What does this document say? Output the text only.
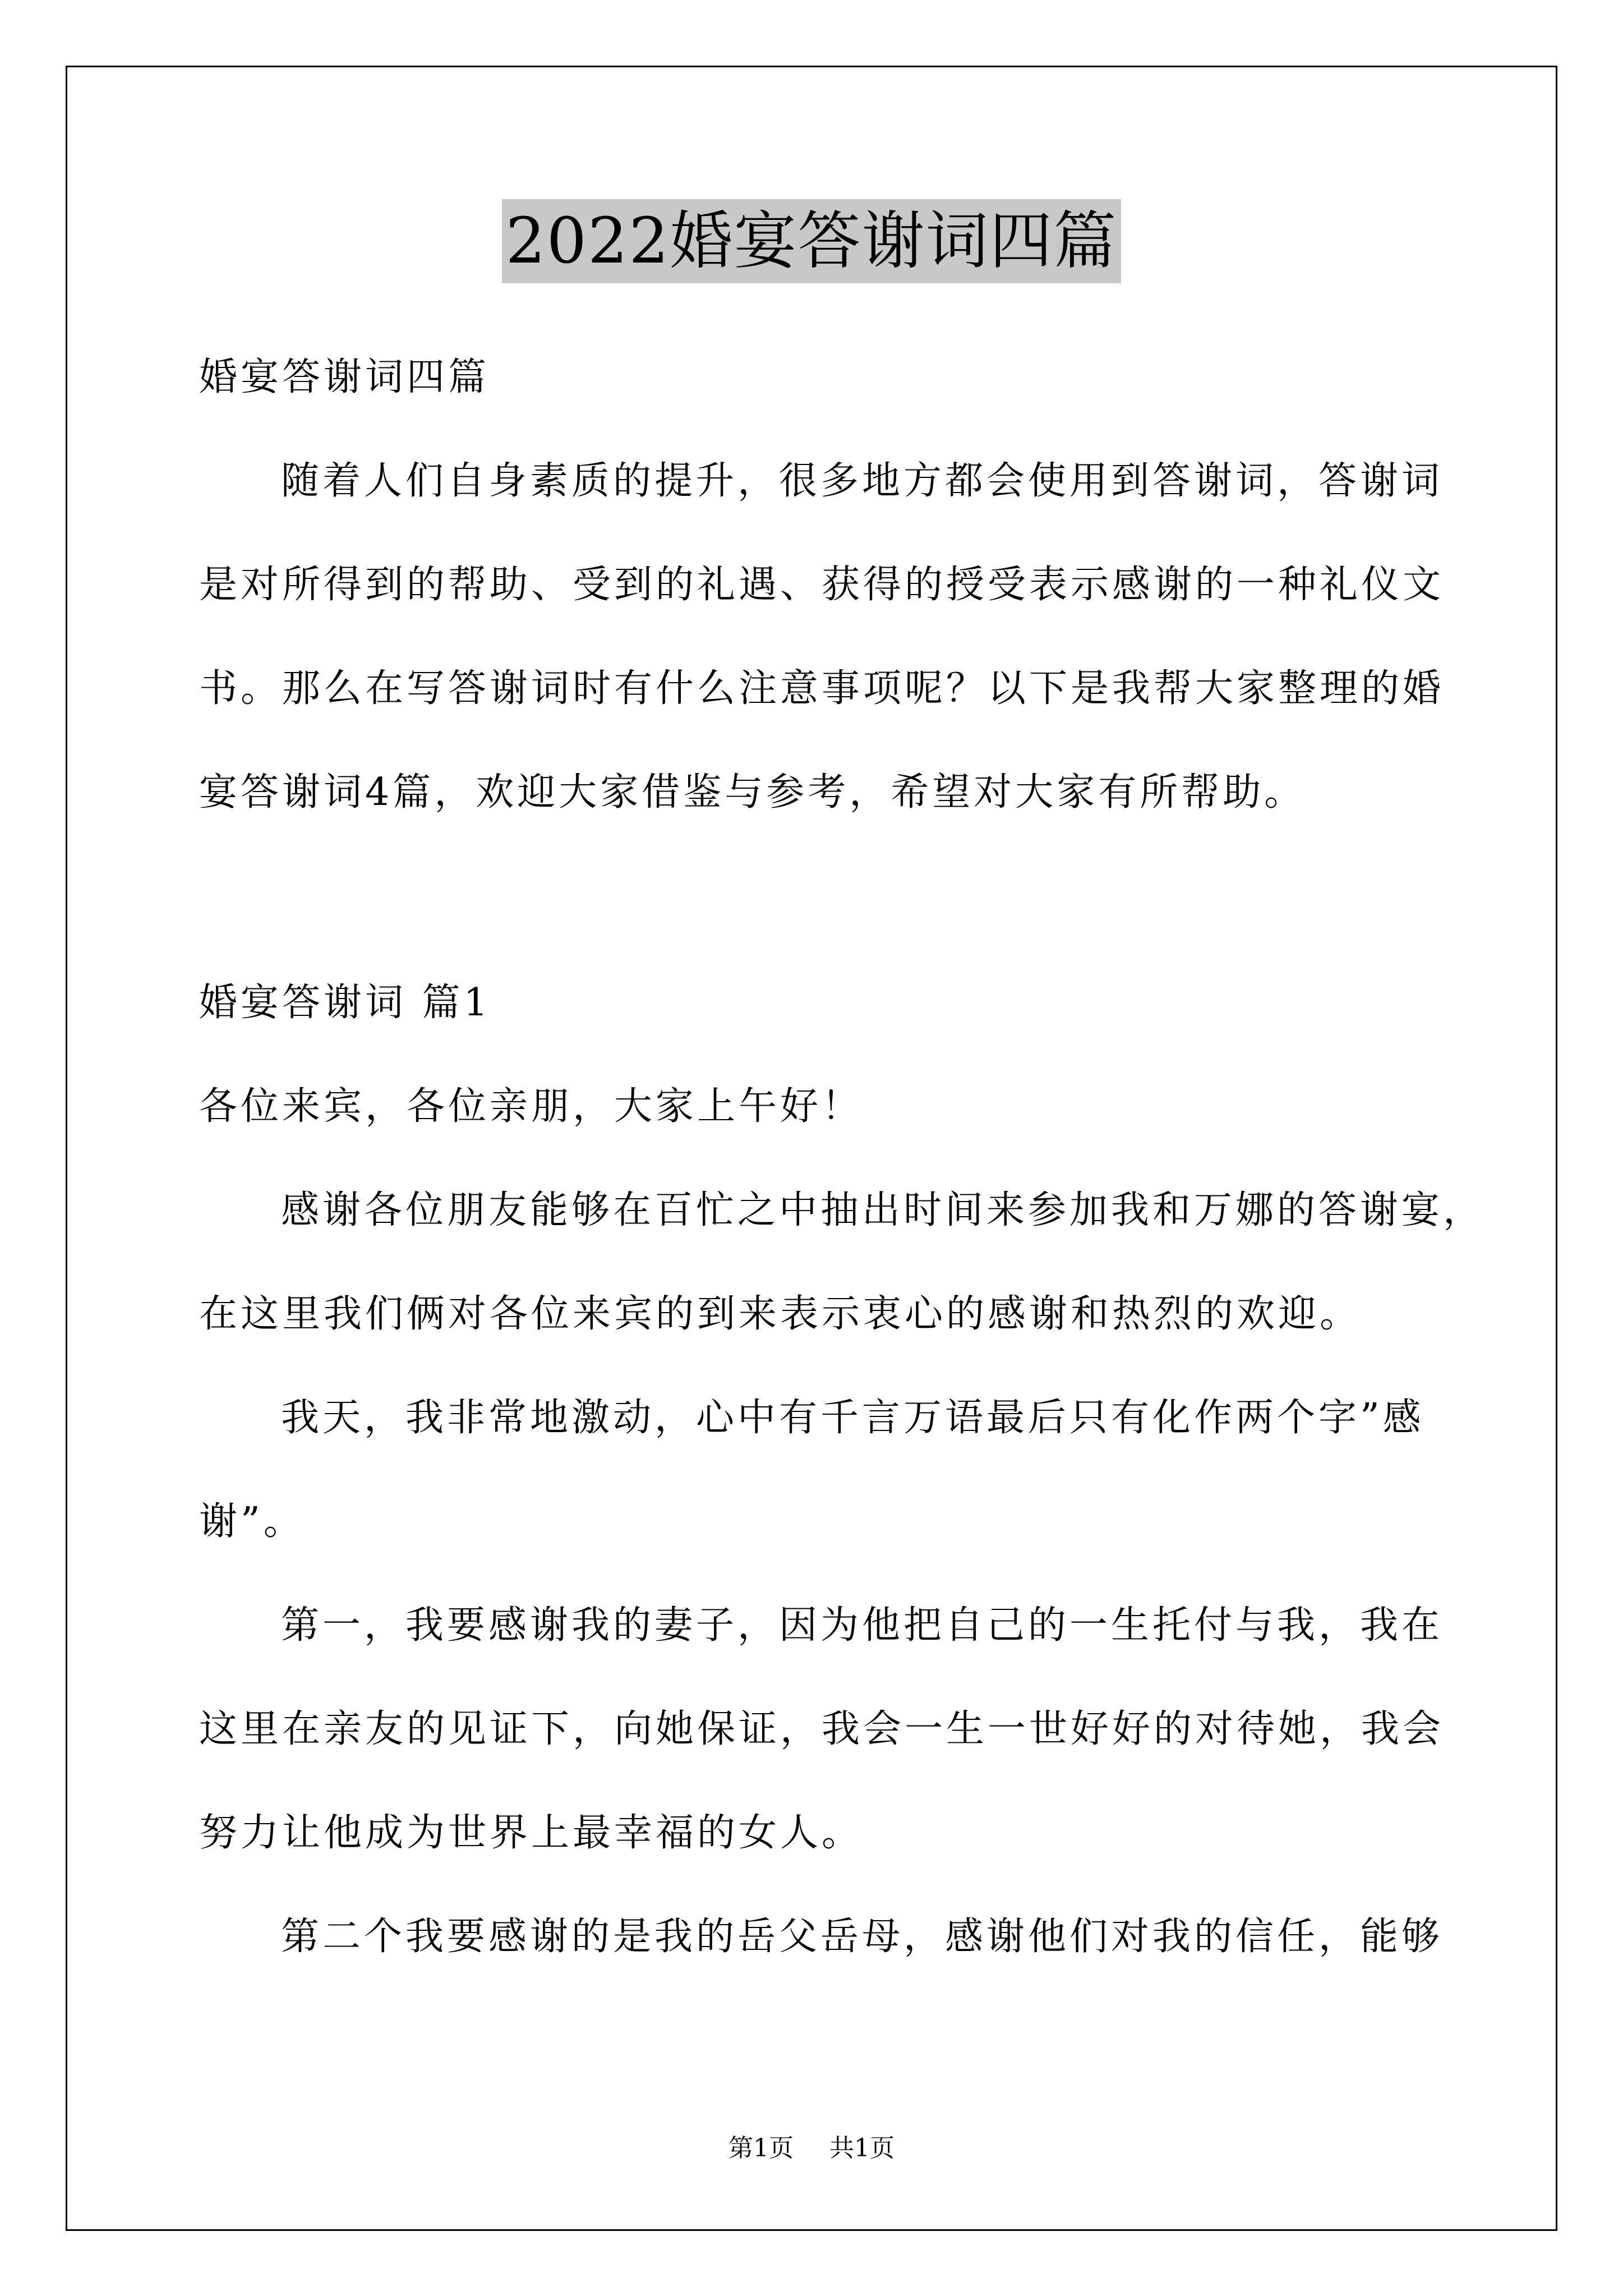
2022婚宴答谢词四篇
婚宴答谢词四篇
随着人们自身素质的提升，很多地方都会使用到答谢词，答谢词
是对所得到的帮助、受到的礼遇、获得的授受表示感谢的一种礼仪文
书。那么在写答谢词时有什么注意事项呢？以下是我帮大家整理的婚
宴答谢词4篇，欢迎大家借鉴与参考，希望对大家有所帮助。
婚宴答谢词 篇1
各位来宾，各位亲朋，大家上午好！
感谢各位朋友能够在百忙之中抽出时间来参加我和万娜的答谢宴，
在这里我们俩对各位来宾的到来表示衷心的感谢和热烈的欢迎。
我天，我非常地激动，心中有千言万语最后只有化作两个字”感
谢”。
第一，我要感谢我的妻子，因为他把自己的一生托付与我，我在
这里在亲友的见证下，向她保证，我会一生一世好好的对待她，我会
努力让他成为世界上最幸福的女人。
第二个我要感谢的是我的岳父岳母，感谢他们对我的信任，能够
第1页 共1页
